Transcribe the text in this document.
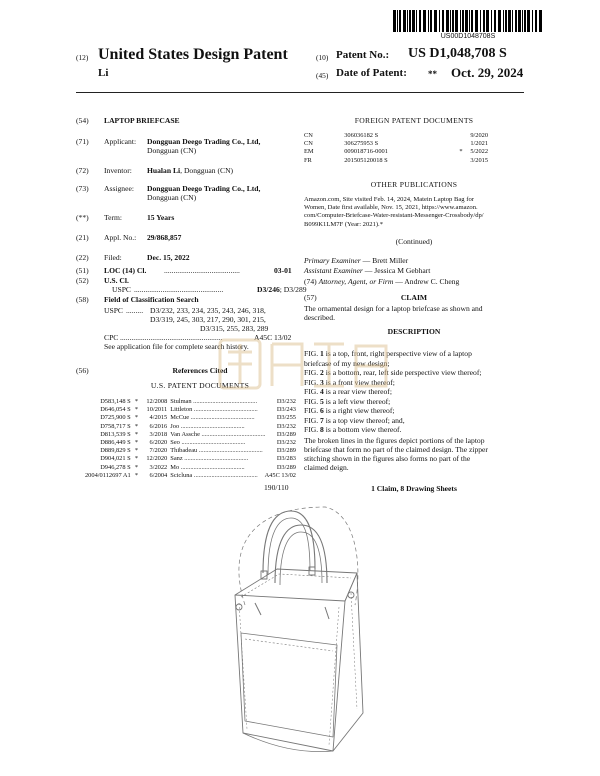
US00D1048708S
(12) United States Design Patent
Li
(10) Patent No.: US D1,048,708 S
(45) Date of Patent: ** Oct. 29, 2024
(54)	LAPTOP BRIEFCASE
(71)	Applicant: Dongguan Deego Trading Co., Ltd,
Dongguan (CN)
(72)	Inventor: Hualan Li, Dongguan (CN)
(73)	Assignee: Dongguan Deego Trading Co., Ltd,
Dongguan (CN)
(**)	Term:	15 Years
(21)	Appl. No.: 29/868,857
(22)	Filed:	Dec. 15, 2022
(51)	LOC (14) Cl. ........................................	03-01
(52)	U.S. Cl.
USPC ...............................................	D3/246; D3/289
(58)	Field of Classification Search
USPC ......... D3/232, 233, 234, 235, 243, 246, 318,
D3/319, 245, 303, 217, 290, 301, 215,
D3/315, 255, 283, 289
CPC ......................................................	A45C 13/02
See application file for complete search history.
(56)	References Cited
U.S. PATENT DOCUMENTS
D583,148 S	*	12/2008	Stulman ........................................	D3/232
D646,054 S	*	10/2011	Littleton ........................................	D3/243
D725,900 S	*	4/2015	McCue ........................................	D3/255
D758,717 S	*	6/2016	Joo ........................................	D3/232
D813,539 S	*	3/2018	Van Assche ........................................ D3/289
D886,449 S	*	6/2020	Seo ........................................	D3/232
D889,829 S	*	7/2020	Thibadeau ........................................ D3/289
D904,021 S	*	12/2020	Sanz ........................................	D3/283
D946,278 S	*	3/2022	Mo ........................................	D3/289
2004/0112697 A1	*	6/2004	Scicluna ........................................ A45C 13/02
190/110
FOREIGN PATENT DOCUMENTS
CN	306036182 S		9/2020
CN	306275953 S		1/2021
EM	009018716-0001	*	5/2022
FR	201505120018 S		3/2015
OTHER PUBLICATIONS
Amazon.com, Site visited Feb. 14, 2024, Matein Laptop Bag for
Women, Date first available, Nov. 15, 2021, https://www.amazon.
com/Computer-Briefcase-Water-resistant-Messenger-Crossbody/dp/
B099K1LM7F (Year: 2021).*
(Continued)
Primary Examiner — Brett Miller
Assistant Examiner — Jessica M Gebhart
(74) Attorney, Agent, or Firm — Andrew C. Cheng
(57)	CLAIM
The ornamental design for a laptop briefcase as shown and
described.
DESCRIPTION
FIG. 1 is a top, front, right perspective view of a laptop
briefcase of my new design;
FIG. 2 is a bottom, rear, left side perspective view thereof;
FIG. 3 is a front view thereof;
FIG. 4 is a rear view thereof;
FIG. 5 is a left view thereof;
FIG. 6 is a right view thereof;
FIG. 7 is a top view thereof; and,
FIG. 8 is a bottom view thereof.
The broken lines in the figures depict portions of the laptop
briefcase that form no part of the claimed design. The zipper
stitching shown in the figures also forms no part of the
claimed deign.
1 Claim, 8 Drawing Sheets
